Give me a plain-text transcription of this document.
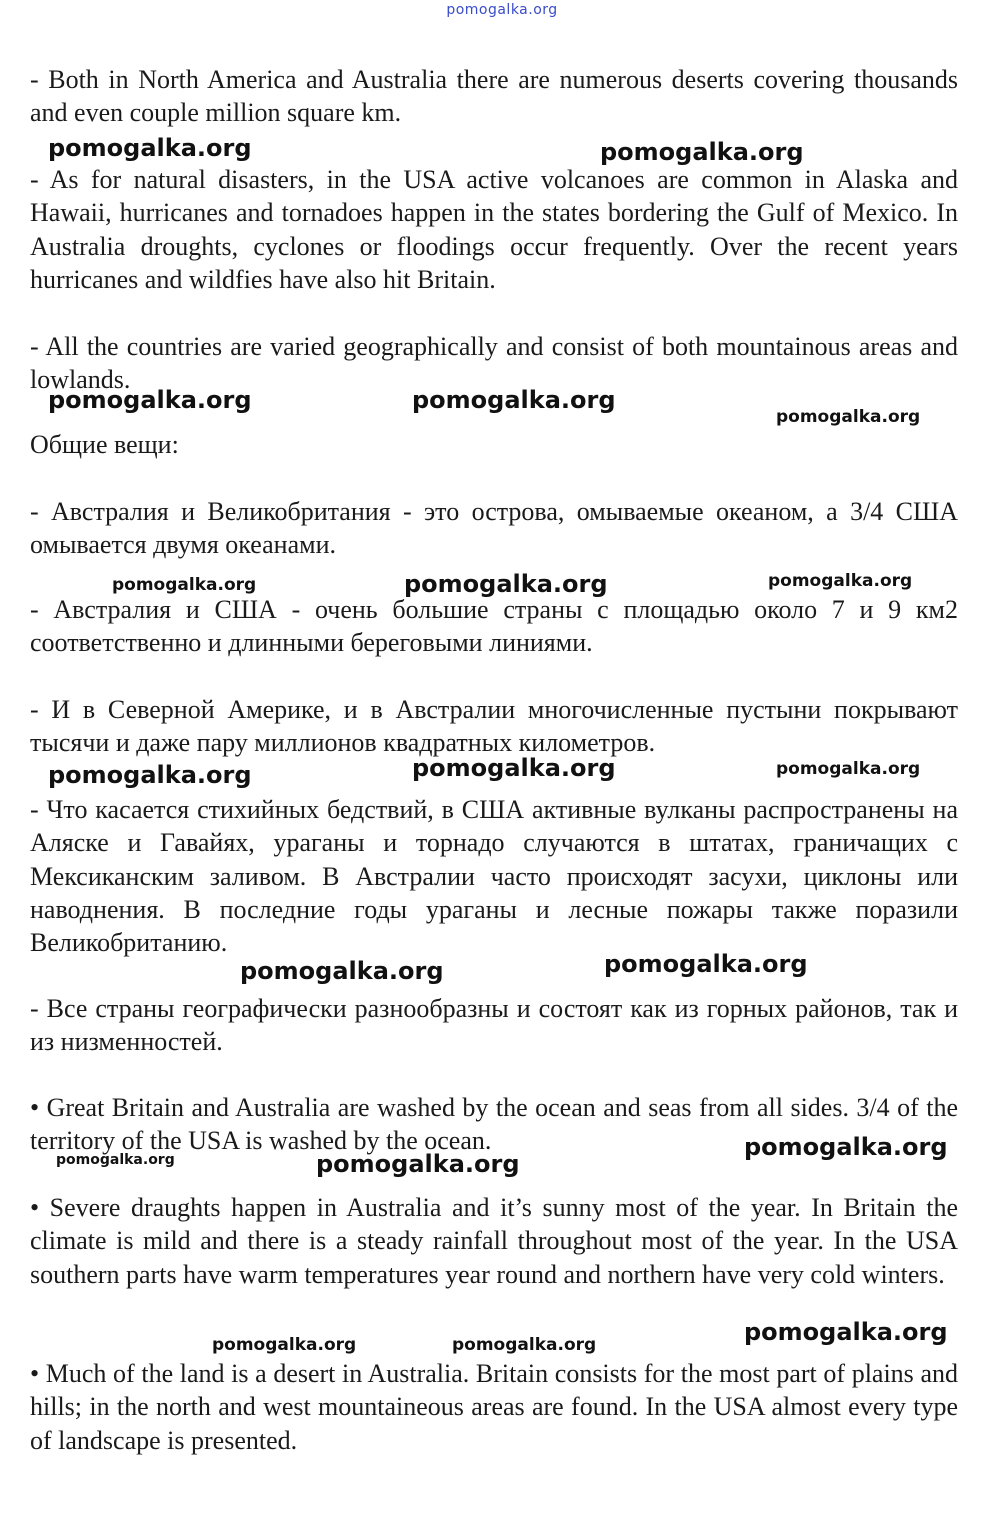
pomogalka.org

- Both in North America and Australia there are numerous deserts covering thousands and even couple million square km.

- As for natural disasters, in the USA active volcanoes are common in Alaska and Hawaii, hurricanes and tornadoes happen in the states bordering the Gulf of Mexico. In Australia droughts, cyclones or floodings occur frequently. Over the recent years hurricanes and wildfies have also hit Britain.

- All the countries are varied geographically and consist of both mountainous areas and lowlands.

Общие вещи:

- Австралия и Великобритания - это острова, омываемые океаном, а 3/4 США омывается двумя океанами.

- Австралия и США - очень большие страны с площадью около 7 и 9 км2 соответственно и длинными береговыми линиями.

- И в Северной Америке, и в Австралии многочисленные пустыни покрывают тысячи и даже пару миллионов квадратных километров.

- Что касается стихийных бедствий, в США активные вулканы распространены на Аляске и Гавайях, ураганы и торнадо случаются в штатах, граничащих с Мексиканским заливом. В Австралии часто происходят засухи, циклоны или наводнения. В последние годы ураганы и лесные пожары также поразили Великобританию.

- Все страны географически разнообразны и состоят как из горных районов, так и из низменностей.

• Great Britain and Australia are washed by the ocean and seas from all sides. 3/4 of the territory of the USA is washed by the ocean.

• Severe draughts happen in Australia and it’s sunny most of the year. In Britain the climate is mild and there is a steady rainfall throughout most of the year. In the USA southern parts have warm temperatures year round and northern have very cold winters.

• Much of the land is a desert in Australia. Britain consists for the most part of plains and hills; in the north and west mountaineous areas are found. In the USA almost every type of landscape is presented.

pomogalka.org	pomogalka.org
pomogalka.org	pomogalka.org
pomogalka.org
pomogalka.org	pomogalka.org	pomogalka.org
pomogalka.org	pomogalka.org	pomogalka.org
pomogalka.org	pomogalka.org
pomogalka.org	pomogalka.org
pomogalka.org
pomogalka.org	pomogalka.org	pomogalka.org
